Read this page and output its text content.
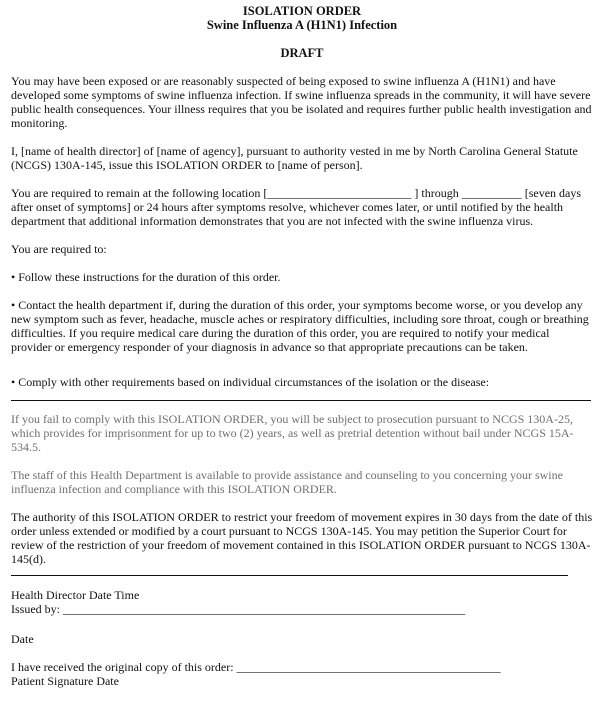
ISOLATION ORDER
Swine Influenza A (H1N1) Infection
DRAFT

You may have been exposed or are reasonably suspected of being exposed to swine influenza A (H1N1) and have developed some symptoms of swine influenza infection. If swine influenza spreads in the community, it will have severe public health consequences. Your illness requires that you be isolated and requires further public health investigation and monitoring.

I, [name of health director] of [name of agency], pursuant to authority vested in me by North Carolina General Statute (NCGS) 130A-145, issue this ISOLATION ORDER to [name of person].

You are required to remain at the following location [________________________ ] through __________ [seven days after onset of symptoms] or 24 hours after symptoms resolve, whichever comes later, or until notified by the health department that additional information demonstrates that you are not infected with the swine influenza virus.

You are required to:

• Follow these instructions for the duration of this order.

• Contact the health department if, during the duration of this order, your symptoms become worse, or you develop any new symptom such as fever, headache, muscle aches or respiratory difficulties, including sore throat, cough or breathing difficulties. If you require medical care during the duration of this order, you are required to notify your medical provider or emergency responder of your diagnosis in advance so that appropriate precautions can be taken.

• Comply with other requirements based on individual circumstances of the isolation or the disease:

If you fail to comply with this ISOLATION ORDER, you will be subject to prosecution pursuant to NCGS 130A-25, which provides for imprisonment for up to two (2) years, as well as pretrial detention without bail under NCGS 15A-534.5.

The staff of this Health Department is available to provide assistance and counseling to you concerning your swine influenza infection and compliance with this ISOLATION ORDER.

The authority of this ISOLATION ORDER to restrict your freedom of movement expires in 30 days from the date of this order unless extended or modified by a court pursuant to NCGS 130A-145. You may petition the Superior Court for review of the restriction of your freedom of movement contained in this ISOLATION ORDER pursuant to NCGS 130A-145(d).

Health Director Date Time

Issued by: ___________________________________________________________________

Date

I have received the original copy of this order: ____________________________________________

Patient Signature Date
